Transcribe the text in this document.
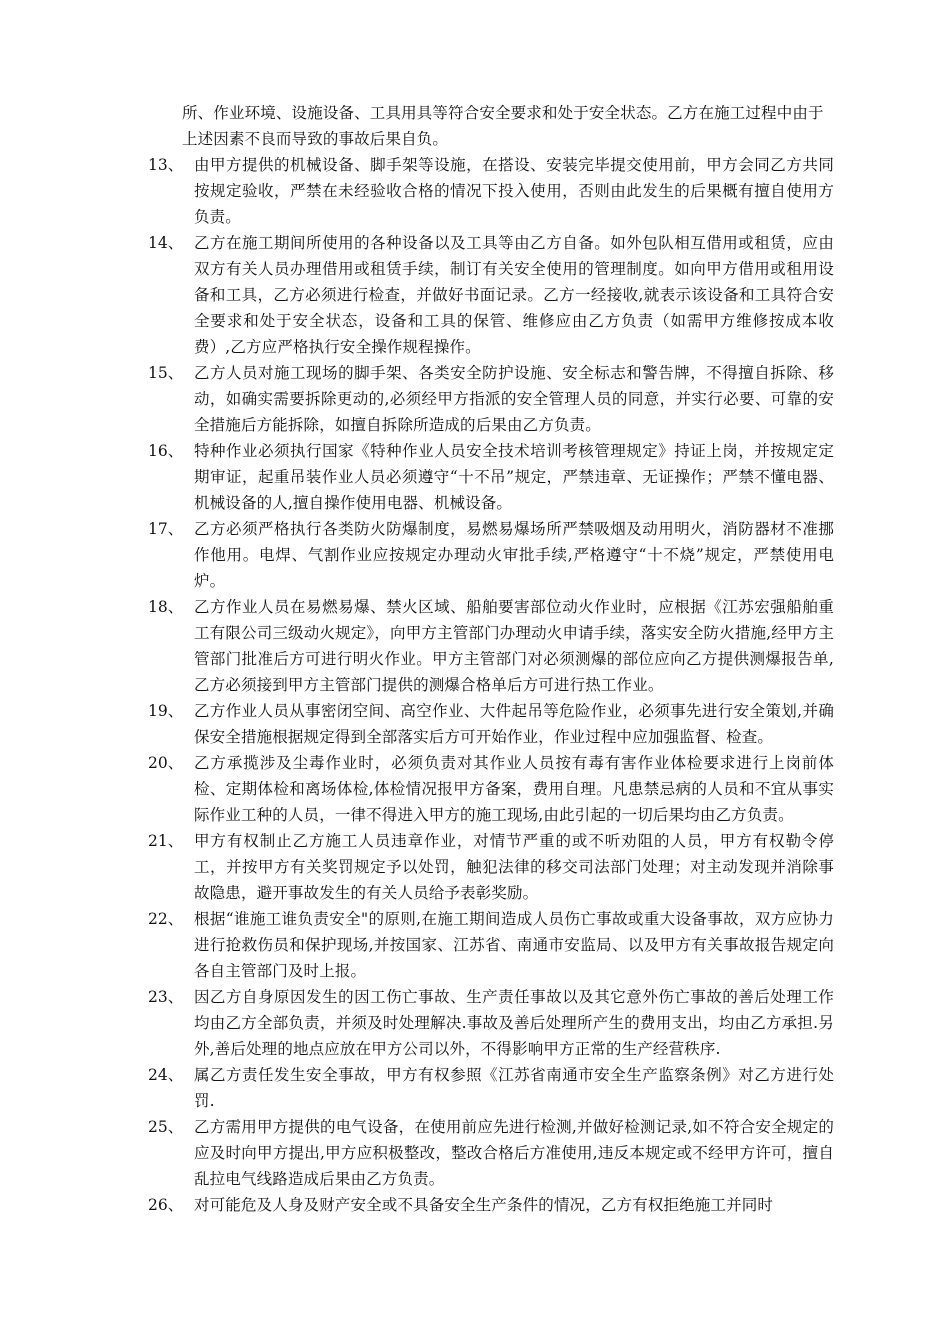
所、作业环境、设施设备、工具用具等符合安全要求和处于安全状态。乙方在施工过程中由于上述因素不良而导致的事故后果自负。
13、 由甲方提供的机械设备、脚手架等设施，在搭设、安装完毕提交使用前，甲方会同乙方共同按规定验收，严禁在未经验收合格的情况下投入使用，否则由此发生的后果概有擅自使用方负责。
14、 乙方在施工期间所使用的各种设备以及工具等由乙方自备。如外包队相互借用或租赁，应由双方有关人员办理借用或租赁手续，制订有关安全使用的管理制度。如向甲方借用或租用设备和工具，乙方必须进行检查，并做好书面记录。乙方一经接收,就表示该设备和工具符合安全要求和处于安全状态，设备和工具的保管、维修应由乙方负责（如需甲方维修按成本收费）,乙方应严格执行安全操作规程操作。
15、 乙方人员对施工现场的脚手架、各类安全防护设施、安全标志和警告牌，不得擅自拆除、移动，如确实需要拆除更动的,必须经甲方指派的安全管理人员的同意，并实行必要、可靠的安全措施后方能拆除，如擅自拆除所造成的后果由乙方负责。
16、 特种作业必须执行国家《特种作业人员安全技术培训考核管理规定》持证上岗，并按规定定期审证，起重吊装作业人员必须遵守“十不吊”规定，严禁违章、无证操作；严禁不懂电器、机械设备的人,擅自操作使用电器、机械设备。
17、 乙方必须严格执行各类防火防爆制度，易燃易爆场所严禁吸烟及动用明火，消防器材不准挪作他用。电焊、气割作业应按规定办理动火审批手续,严格遵守“十不烧”规定，严禁使用电炉。
18、 乙方作业人员在易燃易爆、禁火区域、船舶要害部位动火作业时，应根据《江苏宏强船舶重工有限公司三级动火规定》，向甲方主管部门办理动火申请手续，落实安全防火措施,经甲方主管部门批准后方可进行明火作业。甲方主管部门对必须测爆的部位应向乙方提供测爆报告单,乙方必须接到甲方主管部门提供的测爆合格单后方可进行热工作业。
19、 乙方作业人员从事密闭空间、高空作业、大件起吊等危险作业，必须事先进行安全策划,并确保安全措施根据规定得到全部落实后方可开始作业，作业过程中应加强监督、检查。
20、 乙方承揽涉及尘毒作业时，必须负责对其作业人员按有毒有害作业体检要求进行上岗前体检、定期体检和离场体检,体检情况报甲方备案，费用自理。凡患禁忌病的人员和不宜从事实际作业工种的人员，一律不得进入甲方的施工现场,由此引起的一切后果均由乙方负责。
21、 甲方有权制止乙方施工人员违章作业，对情节严重的或不听劝阻的人员，甲方有权勒令停工，并按甲方有关奖罚规定予以处罚，触犯法律的移交司法部门处理；对主动发现并消除事故隐患，避开事故发生的有关人员给予表彰奖励。
22、 根据“谁施工谁负责安全"的原则,在施工期间造成人员伤亡事故或重大设备事故，双方应协力进行抢救伤员和保护现场,并按国家、江苏省、南通市安监局、以及甲方有关事故报告规定向各自主管部门及时上报。
23、 因乙方自身原因发生的因工伤亡事故、生产责任事故以及其它意外伤亡事故的善后处理工作均由乙方全部负责，并须及时处理解决.事故及善后处理所产生的费用支出，均由乙方承担.另外,善后处理的地点应放在甲方公司以外，不得影响甲方正常的生产经营秩序.
24、 属乙方责任发生安全事故，甲方有权参照《江苏省南通市安全生产监察条例》对乙方进行处罚.
25、 乙方需用甲方提供的电气设备，在使用前应先进行检测,并做好检测记录,如不符合安全规定的应及时向甲方提出,甲方应积极整改，整改合格后方准使用,违反本规定或不经甲方许可，擅自乱拉电气线路造成后果由乙方负责。
26、 对可能危及人身及财产安全或不具备安全生产条件的情况，乙方有权拒绝施工并同时
